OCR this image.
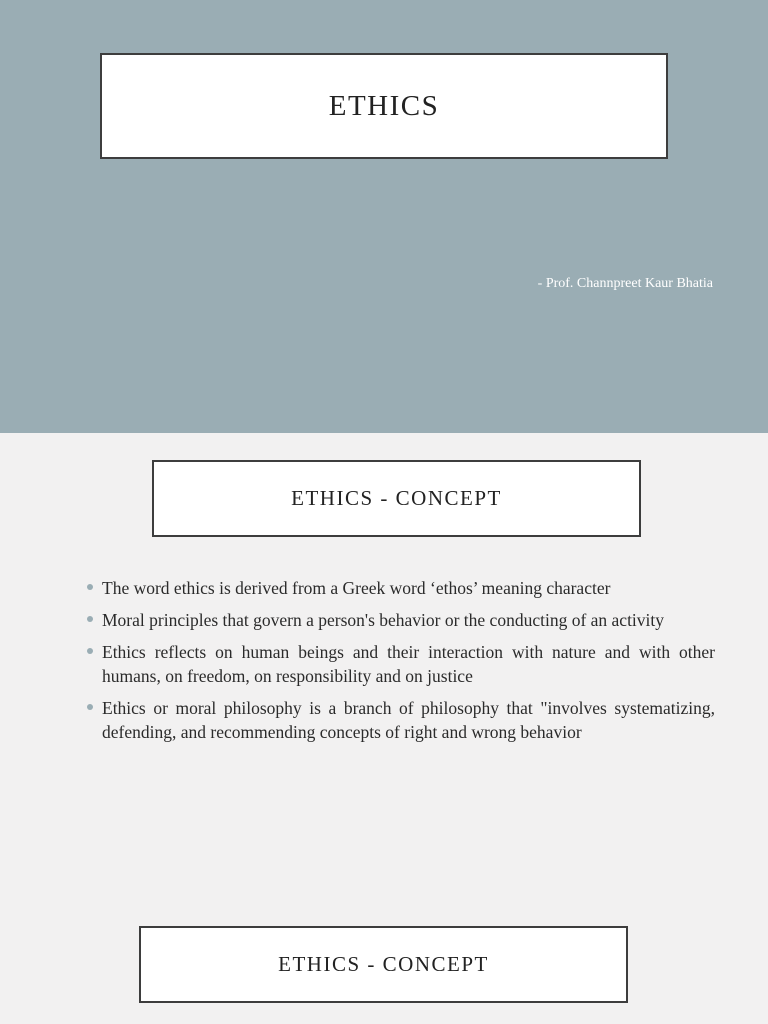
ETHICS
- Prof. Channpreet Kaur Bhatia
ETHICS - CONCEPT
The word ethics is derived from a Greek word ‘ethos’ meaning character
Moral principles that govern a person's behavior or the conducting of an activity
Ethics reflects on human beings and their interaction with nature and with other humans, on freedom, on responsibility and on justice
Ethics or moral philosophy is a branch of philosophy that "involves systematizing, defending, and recommending concepts of right and wrong behavior
ETHICS - CONCEPT
